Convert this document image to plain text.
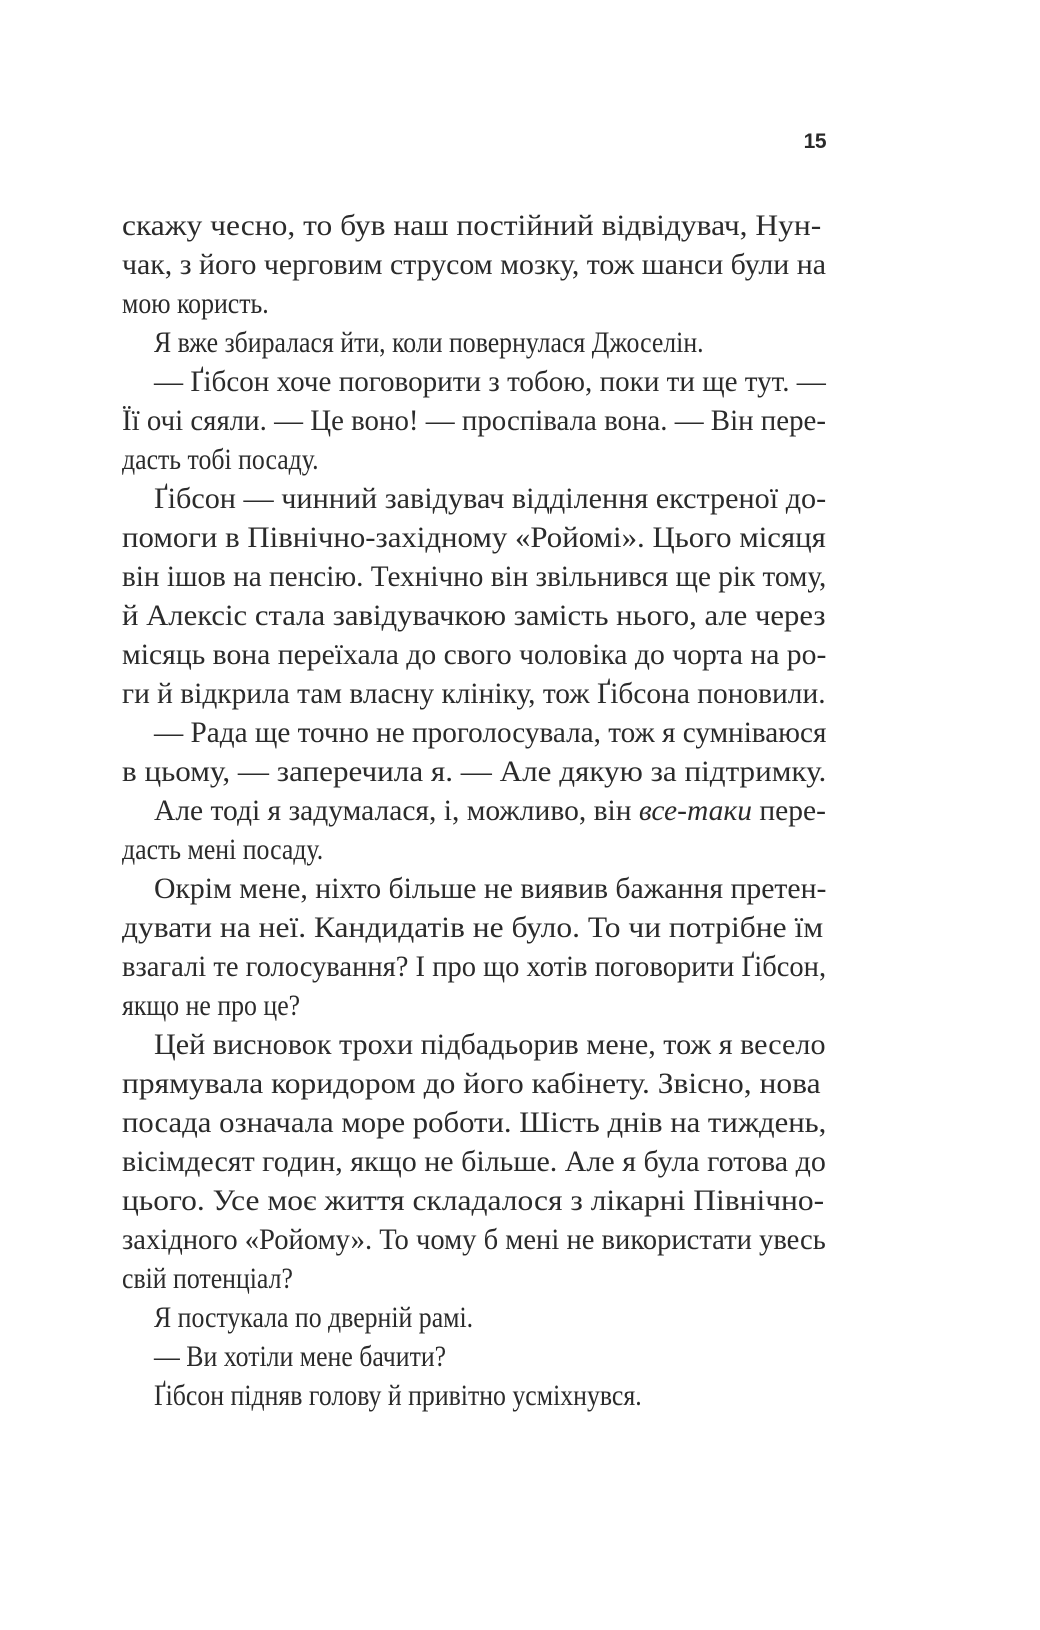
15
скажу чесно, то був наш постійний відвідувач, Нун-
чак, з його черговим струсом мозку, тож шанси були на
мою користь.
Я вже збиралася йти, коли повернулася Джоселін.
— Ґібсон хоче поговорити з тобою, поки ти ще тут. —
Її очі сяяли. — Це воно! — проспівала вона. — Він пере-
дасть тобі посаду.
Ґібсон — чинний завідувач відділення екстреної до-
помоги в Північно-західному «Ройомі». Цього місяця
він ішов на пенсію. Технічно він звільнився ще рік тому,
й Алексіс стала завідувачкою замість нього, але через
місяць вона переїхала до свого чоловіка до чорта на ро-
ги й відкрила там власну клініку, тож Ґібсона поновили.
— Рада ще точно не проголосувала, тож я сумніваюся
в цьому, — заперечила я. — Але дякую за підтримку.
Але тоді я задумалася, і, можливо, він все-таки пере-
дасть мені посаду.
Окрім мене, ніхто більше не виявив бажання претен-
дувати на неї. Кандидатів не було. То чи потрібне їм
взагалі те голосування? І про що хотів поговорити Ґібсон,
якщо не про це?
Цей висновок трохи підбадьорив мене, тож я весело
прямувала коридором до його кабінету. Звісно, нова
посада означала море роботи. Шість днів на тиждень,
вісімдесят годин, якщо не більше. Але я була готова до
цього. Усе моє життя складалося з лікарні Північно-
західного «Ройому». То чому б мені не використати увесь
свій потенціал?
Я постукала по дверній рамі.
— Ви хотіли мене бачити?
Ґібсон підняв голову й привітно усміхнувся.
